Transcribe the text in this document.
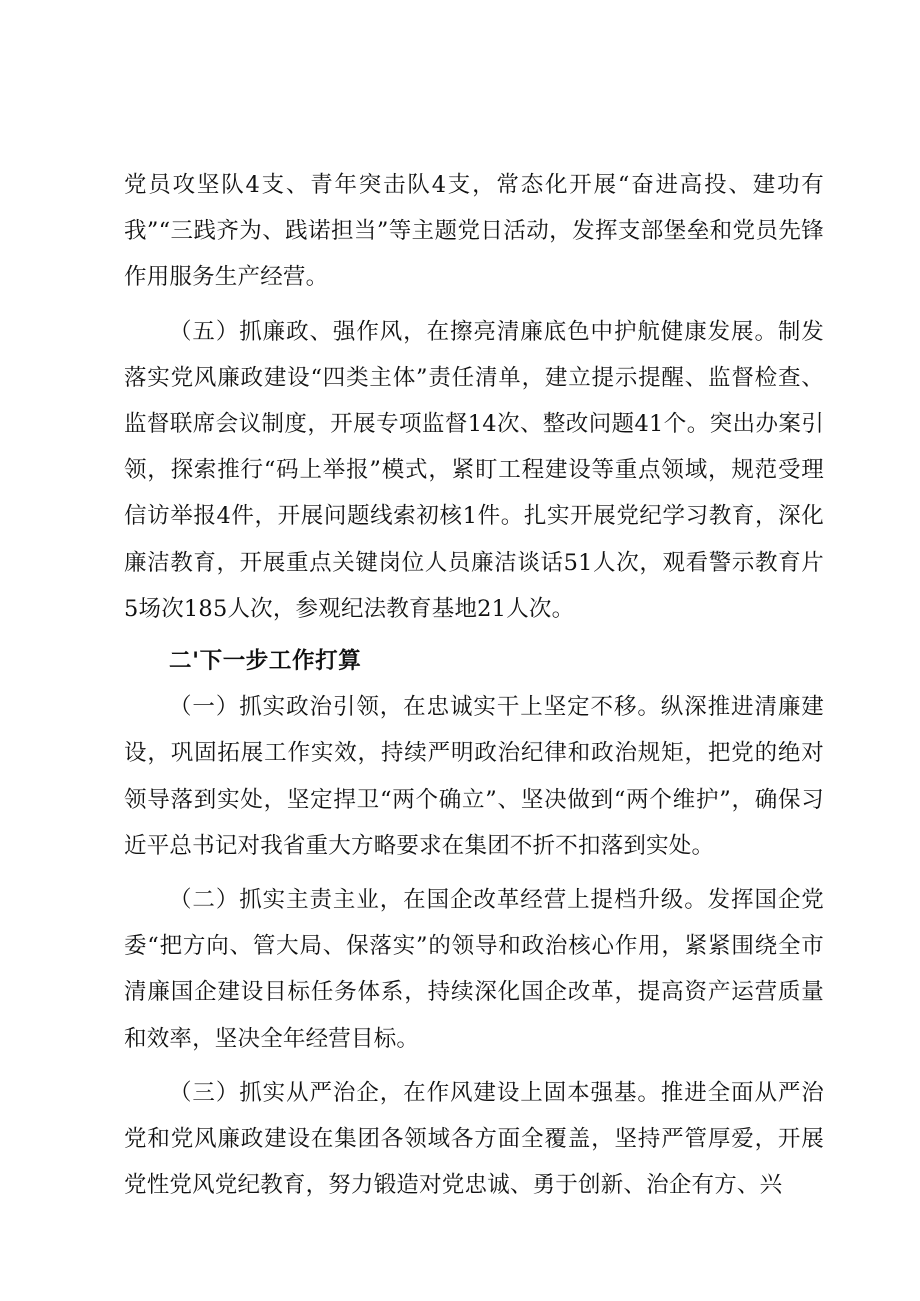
党员攻坚队4支、青年突击队4支，常态化开展“奋进高投、建功有我”“三践齐为、践诺担当”等主题党日活动，发挥支部堡垒和党员先锋作用服务生产经营。

（五）抓廉政、强作风，在擦亮清廉底色中护航健康发展。制发落实党风廉政建设“四类主体”责任清单，建立提示提醒、监督检查、监督联席会议制度，开展专项监督14次、整改问题41个。突出办案引领，探索推行“码上举报”模式，紧盯工程建设等重点领域，规范受理信访举报4件，开展问题线索初核1件。扎实开展党纪学习教育，深化廉洁教育，开展重点关键岗位人员廉洁谈话51人次，观看警示教育片5场次185人次，参观纪法教育基地21人次。

二'下一步工作打算

（一）抓实政治引领，在忠诚实干上坚定不移。纵深推进清廉建设，巩固拓展工作实效，持续严明政治纪律和政治规矩，把党的绝对领导落到实处，坚定捍卫“两个确立”、坚决做到“两个维护”，确保习近平总书记对我省重大方略要求在集团不折不扣落到实处。

（二）抓实主责主业，在国企改革经营上提档升级。发挥国企党委“把方向、管大局、保落实”的领导和政治核心作用，紧紧围绕全市清廉国企建设目标任务体系，持续深化国企改革，提高资产运营质量和效率，坚决全年经营目标。

（三）抓实从严治企，在作风建设上固本强基。推进全面从严治党和党风廉政建设在集团各领域各方面全覆盖，坚持严管厚爱，开展党性党风党纪教育，努力锻造对党忠诚、勇于创新、治企有方、兴
